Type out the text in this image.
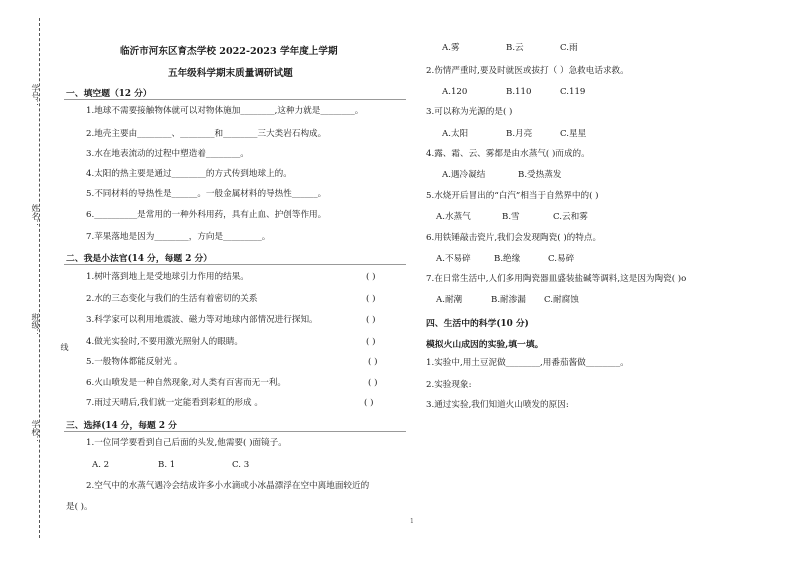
学号：
姓名：
班级：
学校：
线
临沂市河东区育杰学校 2022-2023 学年度上学期
五年级科学期末质量调研试题
一、填空题（12 分）
1.地球不需要接触物体就可以对物体施加________,这种力就是________。
2.地壳主要由________、________和________三大类岩石构成。
3.水在地表流动的过程中塑造着________。
4.太阳的热主要是通过________的方式传到地球上的。
5.不同材料的导热性是______。一般金属材料的导热性______。
6.__________是常用的一种外科用药，具有止血、护创等作用。
7.苹果落地是因为________，方向是_________。
二、我是小法官(14 分，每题 2 分）
1.树叶落到地上是受地球引力作用的结果。	( )
2.水的三态变化与我们的生活有着密切的关系	( )
3.科学家可以利用地震波、磁力等对地球内部情况进行探知。	( )
4.做光实验时,不要用激光照射人的眼睛。	( )
5.一般物体都能反射光 。	( )
6.火山喷发是一种自然现象,对人类有百害而无一利。	( )
7.雨过天晴后,我们就一定能看到彩虹的形成 。	( )
三、选择(14 分，每题 2 分
1.一位同学要看到自己后面的头发,他需要( )面镜子。
A. 2	B. 1	C. 3
2.空气中的水蒸气遇冷会结成许多小水滴或小冰晶漂浮在空中离地面较近的
是( )。
A.雾	B.云	C.雨
2.伤情严重时,要及时就医或拔打（ ）急救电话求救。
A.120	B.110	C.119
3.可以称为光源的是( )
A.太阳	B.月亮	C.星星
4.露、霜、云、雾都是由水蒸气( )而成的。
A.遇冷凝结	B.受热蒸发
5.水烧开后冒出的“白汽”相当于自然界中的( )
A.水蒸气	B.雪	C.云和雾
6.用铁锤敲击瓷片,我们会发现陶瓷( )的特点。
A.不易碎	B.绝缘	C.易碎
7.在日常生活中,人们多用陶瓷器皿盛装盐碱等调料,这是因为陶瓷( )o
A.耐潮	B.耐渗漏 C.耐腐蚀
四、生活中的科学(10 分)
模拟火山成因的实验,填一填。
1.实验中,用土豆泥做________,用番茄酱做________。
2.实验现象:
3.通过实验,我们知道火山喷发的原因:
1
